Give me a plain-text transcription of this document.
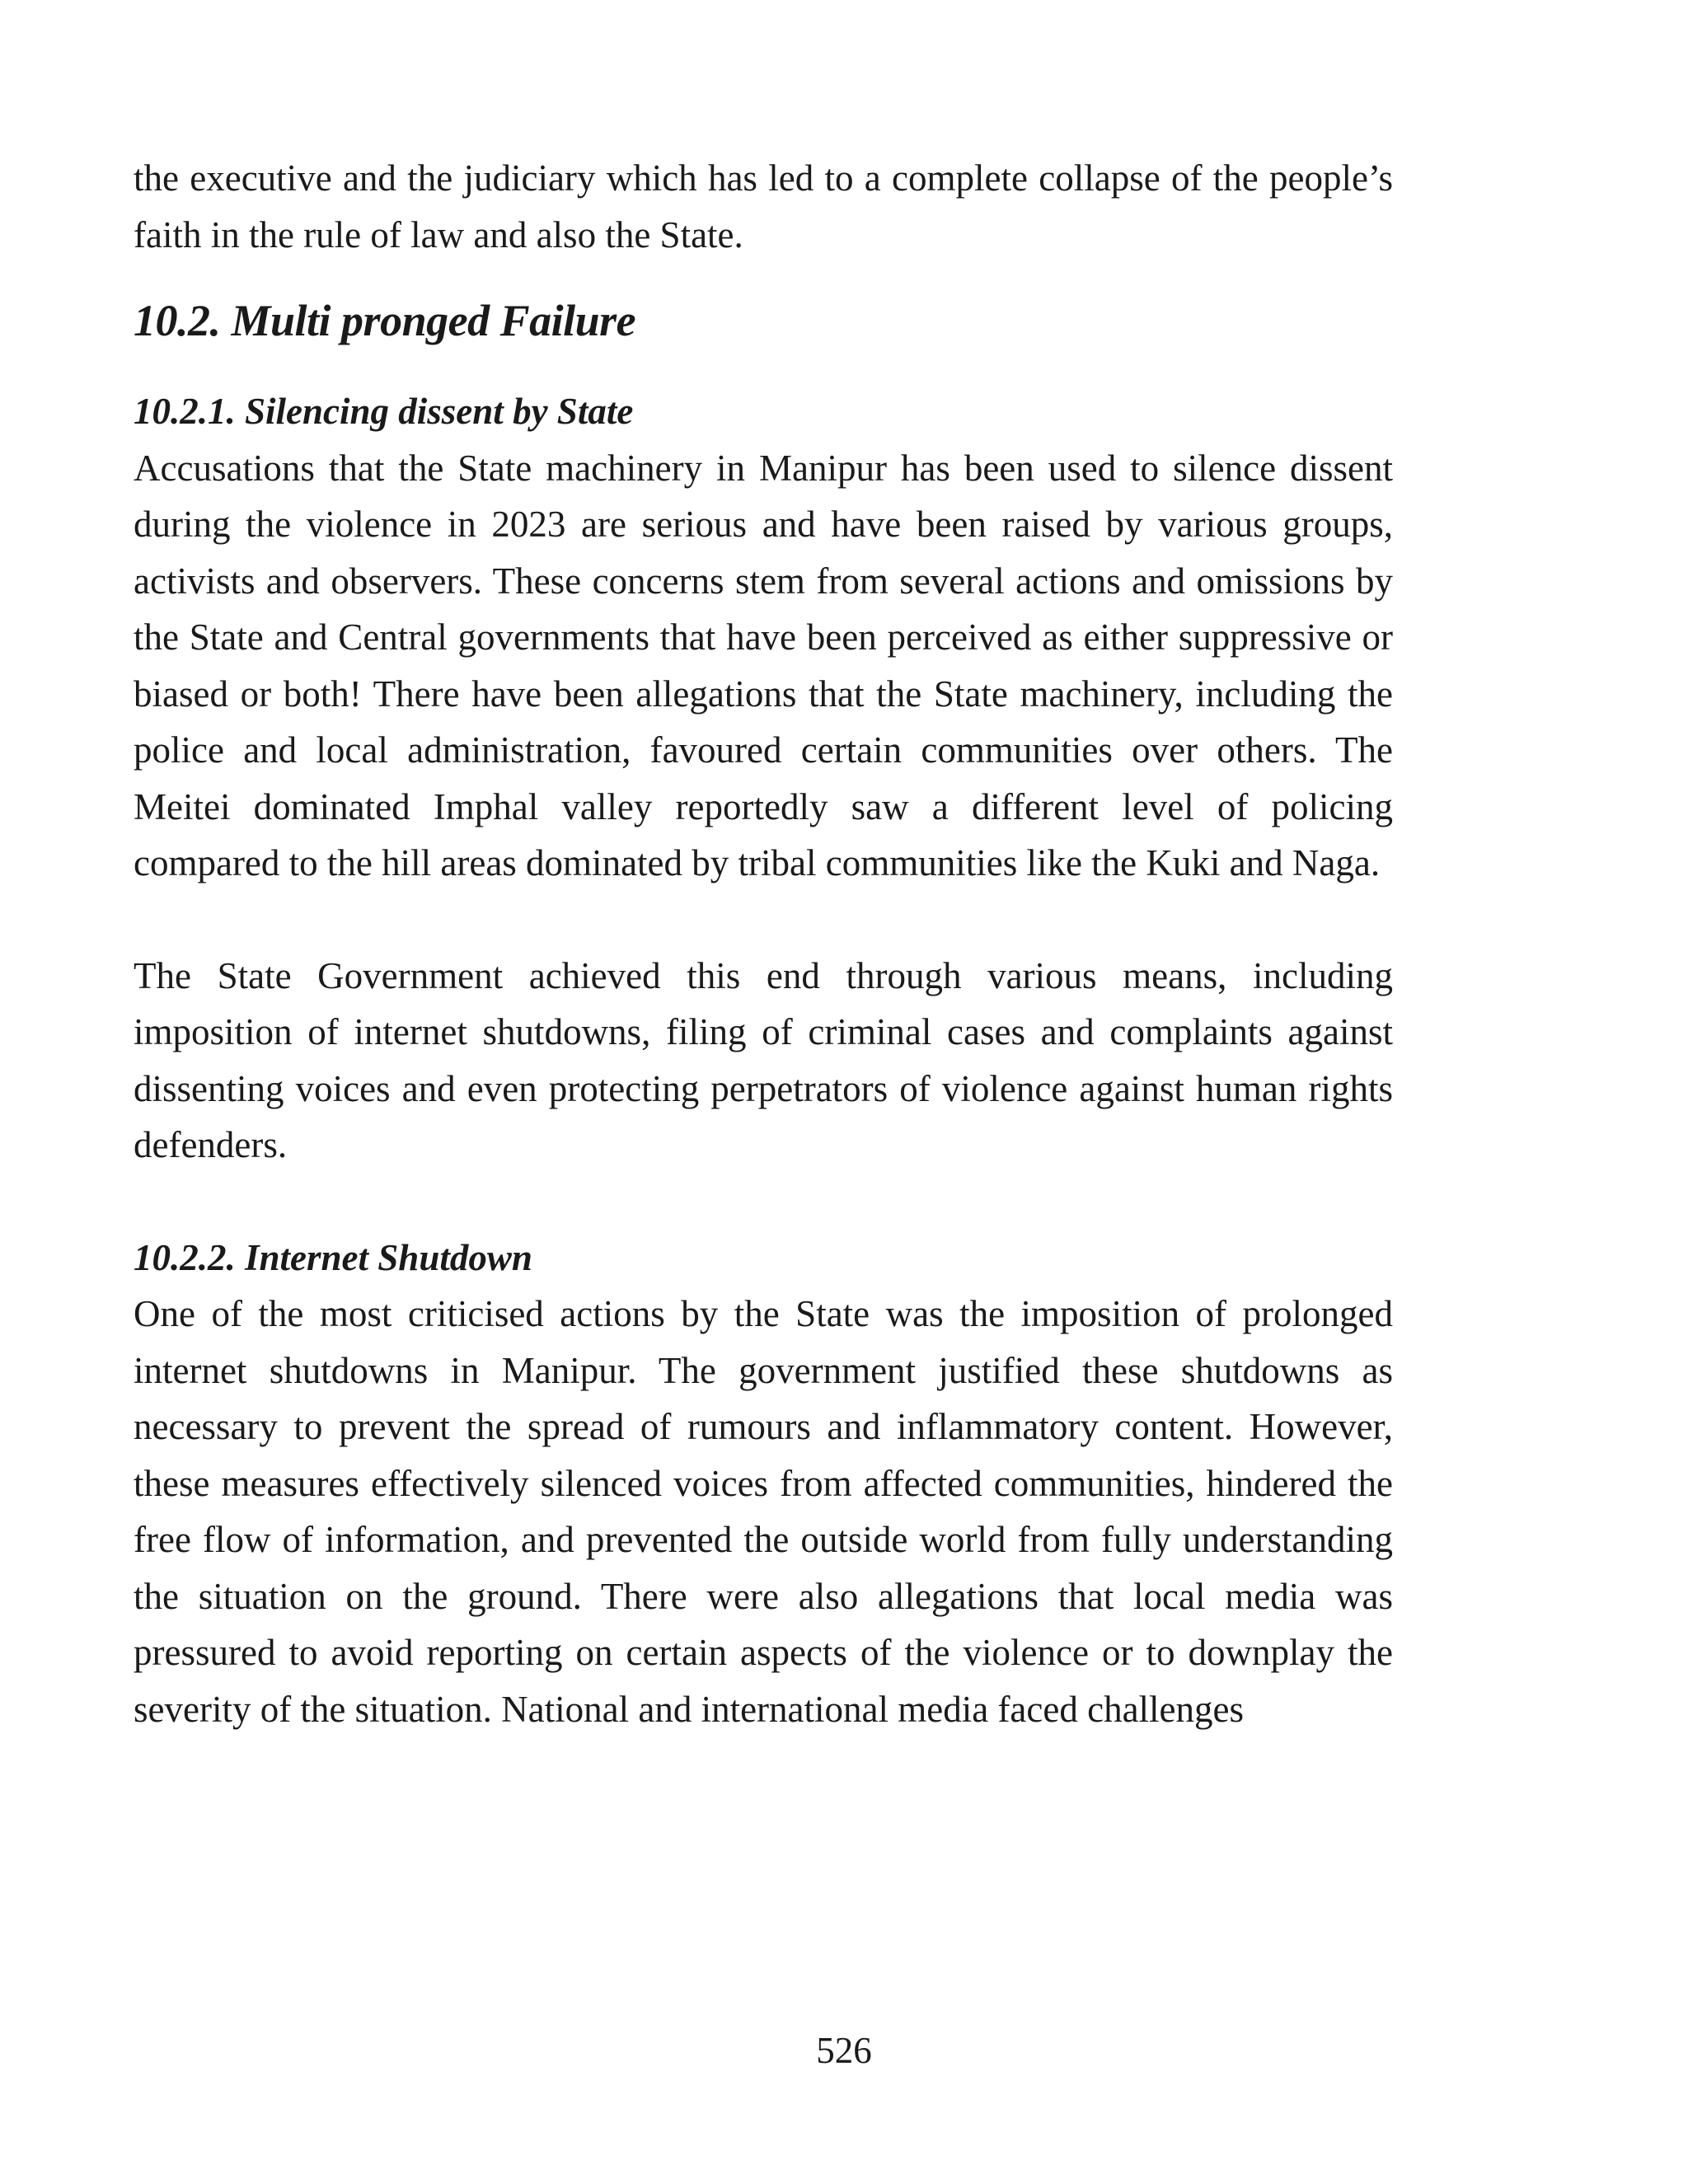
the executive and the judiciary which has led to a complete collapse of the people’s faith in the rule of law and also the State.

10.2. Multi pronged Failure
10.2.1. Silencing dissent by State

Accusations that the State machinery in Manipur has been used to silence dissent during the violence in 2023 are serious and have been raised by various groups, activists and observers. These concerns stem from several actions and omissions by the State and Central governments that have been perceived as either suppressive or biased or both! There have been allegations that the State machinery, including the police and local administration, favoured certain communities over others. The Meitei dominated Imphal valley reportedly saw a different level of policing compared to the hill areas dominated by tribal communities like the Kuki and Naga.

The State Government achieved this end through various means, including imposition of internet shutdowns, filing of criminal cases and complaints against dissenting voices and even protecting perpetrators of violence against human rights defenders.

10.2.2. Internet Shutdown

One of the most criticised actions by the State was the imposition of prolonged internet shutdowns in Manipur. The government justified these shutdowns as necessary to prevent the spread of rumours and inflammatory content. However, these measures effectively silenced voices from affected communities, hindered the free flow of information, and prevented the outside world from fully understanding the situation on the ground. There were also allegations that local media was pressured to avoid reporting on certain aspects of the violence or to downplay the severity of the situation. National and international media faced challenges

526
